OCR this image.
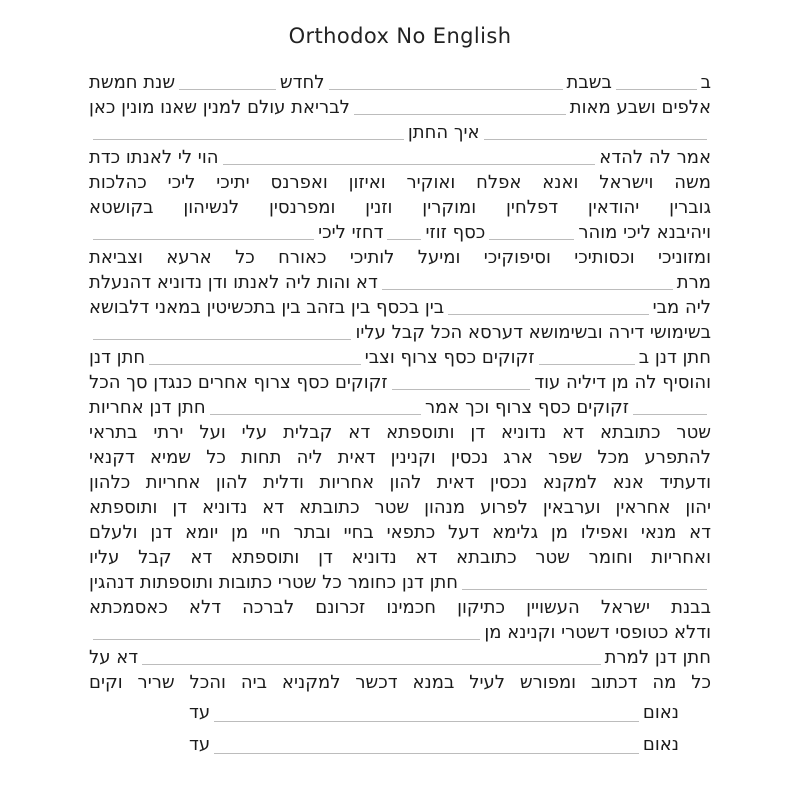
Orthodox No English
ב
בשבת
לחדש
שנת חמשת
אלפים ושבע מאות
לבריאת עולם למנין שאנו מונין כאן
איך החתן
אמר לה להדא
הוי לי לאנתו כדת
משה וישראל ואנא אפלח ואוקיר ואיזון ואפרנס יתיכי ליכי כהלכות
גוברין יהודאין דפלחין ומוקרין וזנין ומפרנסין לנשיהון בקושטא
ויהיבנא ליכי מוהר
כסף זוזי
דחזי ליכי
ומזוניכי וכסותיכי וסיפוקיכי ומיעל לותיכי כאורח כל ארעא וצביאת
מרת
דא והות ליה לאנתו ודן נדוניא דהנעלת
ליה מבי
בין בכסף בין בזהב בין בתכשיטין במאני דלבושא
בשימושי דירה ובשימושא דערסא הכל קבל עליו
חתן דנן ב
זקוקים כסף צרוף וצבי
חתן דנן
והוסיף לה מן דיליה עוד
זקוקים כסף צרוף אחרים כנגדן סך הכל
זקוקים כסף צרוף וכך אמר
חתן דנן אחריות
שטר כתובתא דא נדוניא דן ותוספתא דא קבלית עלי ועל ירתי בתראי
להתפרע מכל שפר ארג נכסין וקנינין דאית ליה תחות כל שמיא דקנאי
ודעתיד אנא למקנא נכסין דאית להון אחריות ודלית להון אחריות כלהון
יהון אחראין וערבאין לפרוע מנהון שטר כתובתא דא נדוניא דן ותוספתא
דא מנאי ואפילו מן גלימא דעל כתפאי בחיי ובתר חיי מן יומא דנן ולעלם
ואחריות וחומר שטר כתובתא דא נדוניא דן ותוספתא דא קבל עליו
חתן דנן כחומר כל שטרי כתובות ותוספתות דנהגין
בבנת ישראל העשויין כתיקון חכמינו זכרונם לברכה דלא כאסמכתא
ודלא כטופסי דשטרי וקנינא מן
חתן דנן למרת
דא על
כל מה דכתוב ומפורש לעיל במנא דכשר למקניא ביה והכל שריר וקים
נאום
עד
נאום
עד
